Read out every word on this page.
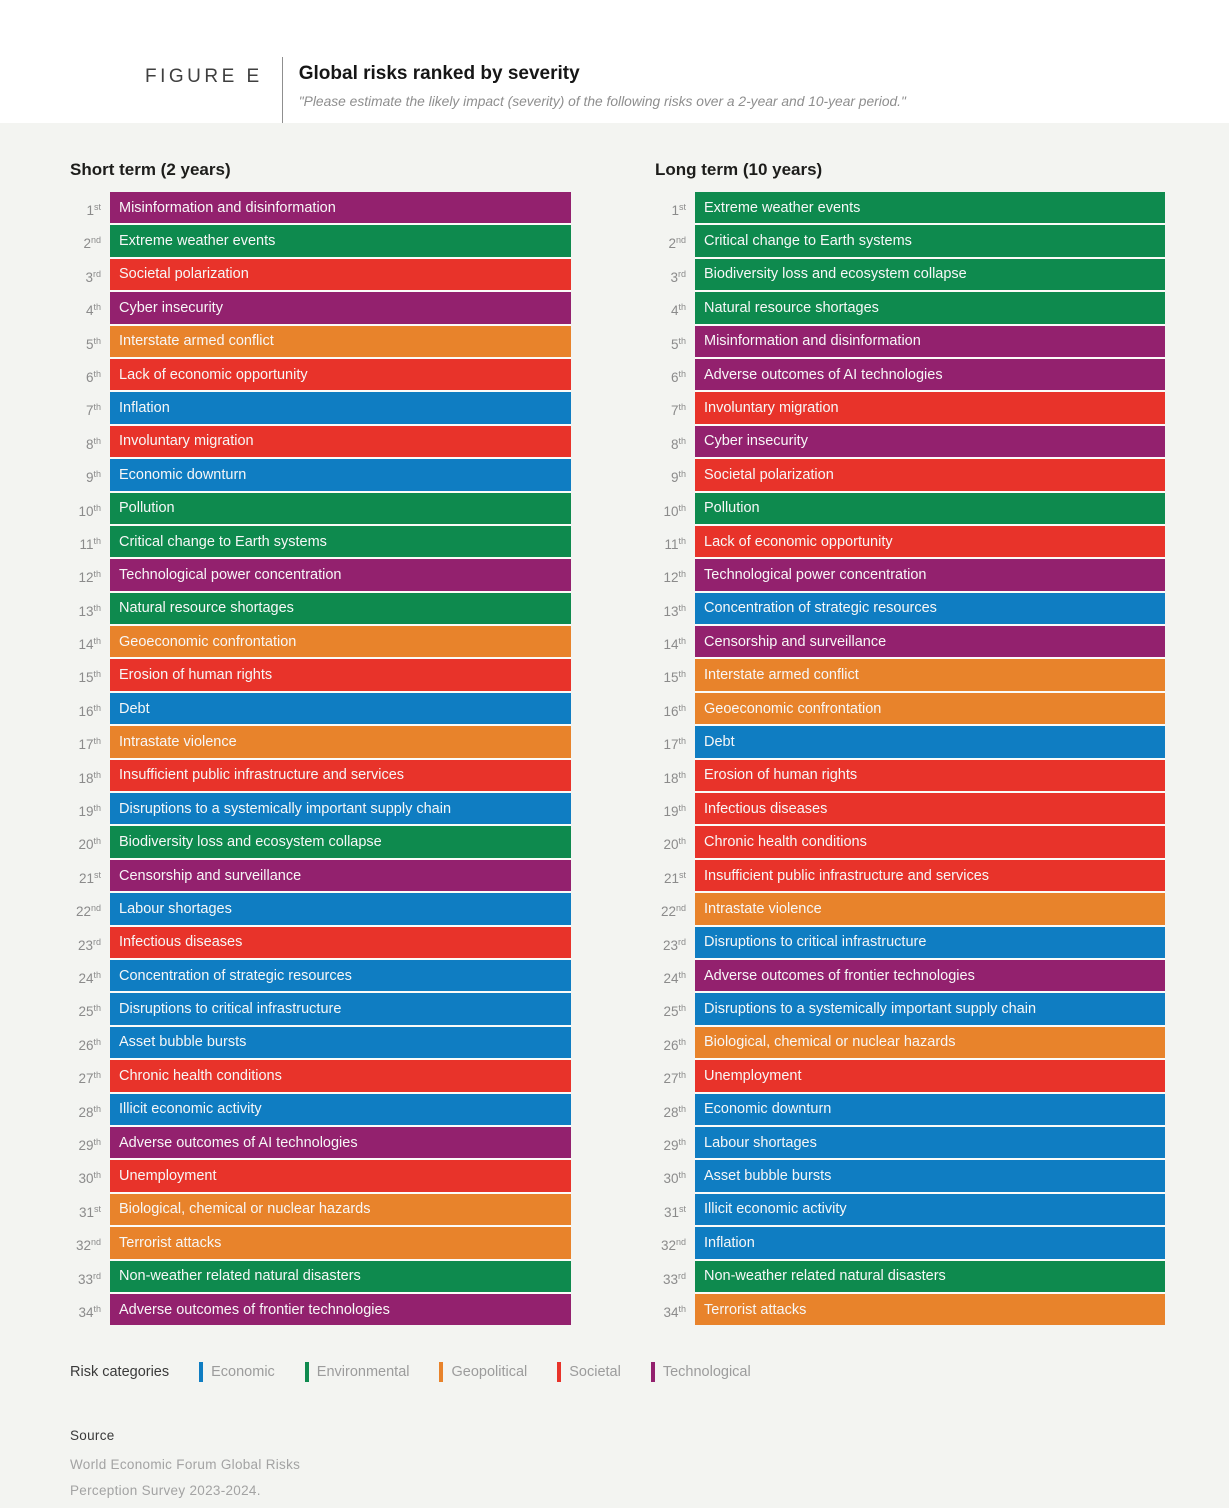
FIGURE E Global risks ranked by severity
"Please estimate the likely impact (severity) of the following risks over a 2-year and 10-year period."
Short term (2 years)
1st	Misinformation and disinformation
2nd	Extreme weather events
3rd	Societal polarization
4th	Cyber insecurity
5th	Interstate armed conflict
6th	Lack of economic opportunity
7th	Inflation
8th	Involuntary migration
9th	Economic downturn
10th	Pollution
11th	Critical change to Earth systems
12th	Technological power concentration
13th	Natural resource shortages
14th	Geoeconomic confrontation
15th	Erosion of human rights
16th	Debt
17th	Intrastate violence
18th	Insufficient public infrastructure and services
19th	Disruptions to a systemically important supply chain
20th	Biodiversity loss and ecosystem collapse
21st	Censorship and surveillance
22nd	Labour shortages
23rd	Infectious diseases
24th	Concentration of strategic resources
25th	Disruptions to critical infrastructure
26th	Asset bubble bursts
27th	Chronic health conditions
28th	Illicit economic activity
29th	Adverse outcomes of AI technologies
30th	Unemployment
31st	Biological, chemical or nuclear hazards
32nd	Terrorist attacks
33rd	Non-weather related natural disasters
34th	Adverse outcomes of frontier technologies
Long term (10 years)
1st	Extreme weather events
2nd	Critical change to Earth systems
3rd	Biodiversity loss and ecosystem collapse
4th	Natural resource shortages
5th	Misinformation and disinformation
6th	Adverse outcomes of AI technologies
7th	Involuntary migration
8th	Cyber insecurity
9th	Societal polarization
10th	Pollution
11th	Lack of economic opportunity
12th	Technological power concentration
13th	Concentration of strategic resources
14th	Censorship and surveillance
15th	Interstate armed conflict
16th	Geoeconomic confrontation
17th	Debt
18th	Erosion of human rights
19th	Infectious diseases
20th	Chronic health conditions
21st	Insufficient public infrastructure and services
22nd	Intrastate violence
23rd	Disruptions to critical infrastructure
24th	Adverse outcomes of frontier technologies
25th	Disruptions to a systemically important supply chain
26th	Biological, chemical or nuclear hazards
27th	Unemployment
28th	Economic downturn
29th	Labour shortages
30th	Asset bubble bursts
31st	Illicit economic activity
32nd	Inflation
33rd	Non-weather related natural disasters
34th	Terrorist attacks
Risk categories	Economic	Environmental	Geopolitical	Societal	Technological
Source
World Economic Forum Global Risks
Perception Survey 2023-2024.
